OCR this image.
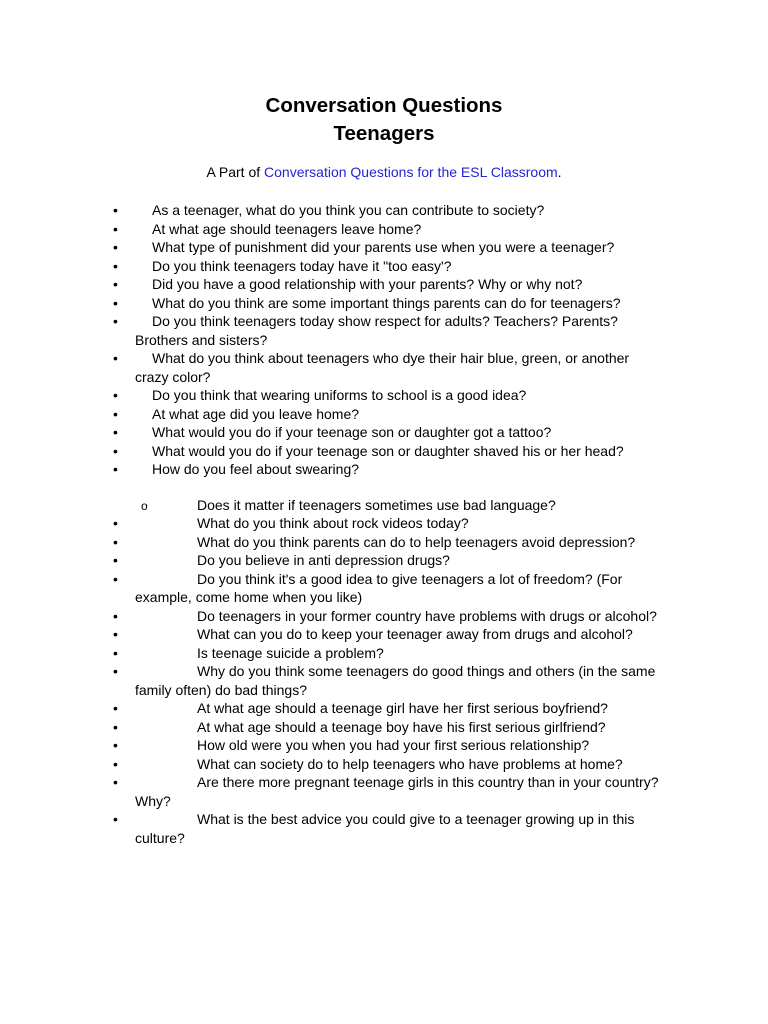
Conversation Questions
Teenagers
A Part of Conversation Questions for the ESL Classroom.
• As a teenager, what do you think you can contribute to society?
• At what age should teenagers leave home?
• What type of punishment did your parents use when you were a teenager?
• Do you think teenagers today have it "too easy'?
• Did you have a good relationship with your parents? Why or why not?
• What do you think are some important things parents can do for teenagers?
• Do you think teenagers today show respect for adults? Teachers? Parents? Brothers and sisters?
• What do you think about teenagers who dye their hair blue, green, or another crazy color?
• Do you think that wearing uniforms to school is a good idea?
• At what age did you leave home?
• What would you do if your teenage son or daughter got a tattoo?
• What would you do if your teenage son or daughter shaved his or her head?
• How do you feel about swearing?
o	Does it matter if teenagers sometimes use bad language?
•	What do you think about rock videos today?
•	What do you think parents can do to help teenagers avoid depression?
•	Do you believe in anti depression drugs?
•	Do you think it's a good idea to give teenagers a lot of freedom? (For example, come home when you like)
•	Do teenagers in your former country have problems with drugs or alcohol?
•	What can you do to keep your teenager away from drugs and alcohol?
•	Is teenage suicide a problem?
•	Why do you think some teenagers do good things and others (in the same family often) do bad things?
•	At what age should a teenage girl have her first serious boyfriend?
•	At what age should a teenage boy have his first serious girlfriend?
•	How old were you when you had your first serious relationship?
•	What can society do to help teenagers who have problems at home?
•	Are there more pregnant teenage girls in this country than in your country? Why?
•	What is the best advice you could give to a teenager growing up in this culture?
